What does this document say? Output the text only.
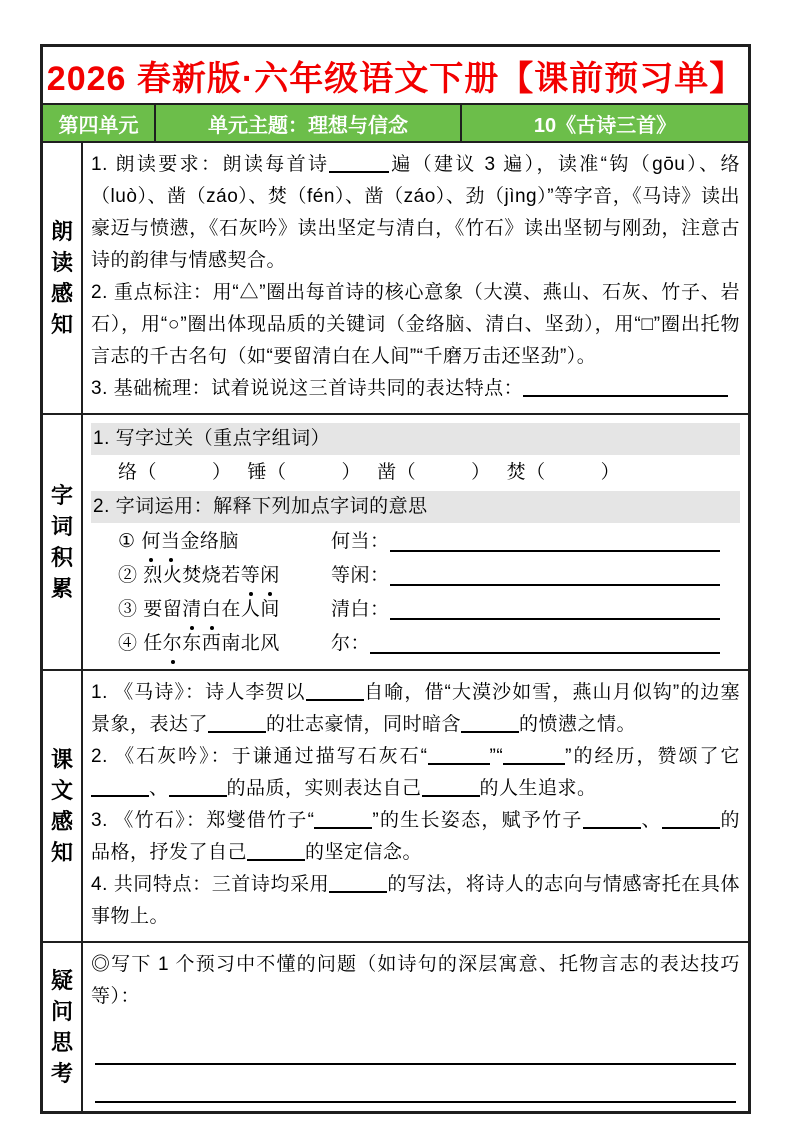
2026 春新版·六年级语文下册【课前预习单】
第四单元	单元主题：理想与信念	10《古诗三首》
朗
读
感
知
1. 朗读要求：朗读每首诗	遍（建议 3 遍），读准“钩（gōu）、络（luò）、凿（záo）、焚（fén）、凿（záo）、劲（jìng）”等字音，《马诗》读出豪迈与愤懑，《石灰吟》读出坚定与清白，《竹石》读出坚韧与刚劲，注意古诗的韵律与情感契合。
2. 重点标注：用“△”圈出每首诗的核心意象（大漠、燕山、石灰、竹子、岩石），用“○”圈出体现品质的关键词（金络脑、清白、坚劲），用“□”圈出托物言志的千古名句（如“要留清白在人间”“千磨万击还坚劲”）。
3. 基础梳理：试着说说这三首诗共同的表达特点：
字
词
积
累
1. 写字过关（重点字组词）
络（	） 锤（	） 凿（	） 焚（	）
2. 字词运用：解释下列加点字词的意思
① 何当金络脑	何当：
② 烈火焚烧若等闲	等闲：
③ 要留清白在人间	清白：
④ 任尔东西南北风	尔：
课
文
感
知
1. 《马诗》：诗人李贺以	自喻，借“大漠沙如雪，燕山月似钩”的边塞景象，表达了	的壮志豪情，同时暗含	的愤懑之情。
2. 《石灰吟》：于谦通过描写石灰石“	”“	”的经历，赞颂了它、	的品质，实则表达自己	的人生追求。
3. 《竹石》：郑燮借竹子“	”的生长姿态，赋予竹子	、	的品格，抒发了自己	的坚定信念。
4. 共同特点：三首诗均采用	的写法，将诗人的志向与情感寄托在具体事物上。
疑
问
思
考
◎写下 1 个预习中不懂的问题（如诗句的深层寓意、托物言志的表达技巧等）：
